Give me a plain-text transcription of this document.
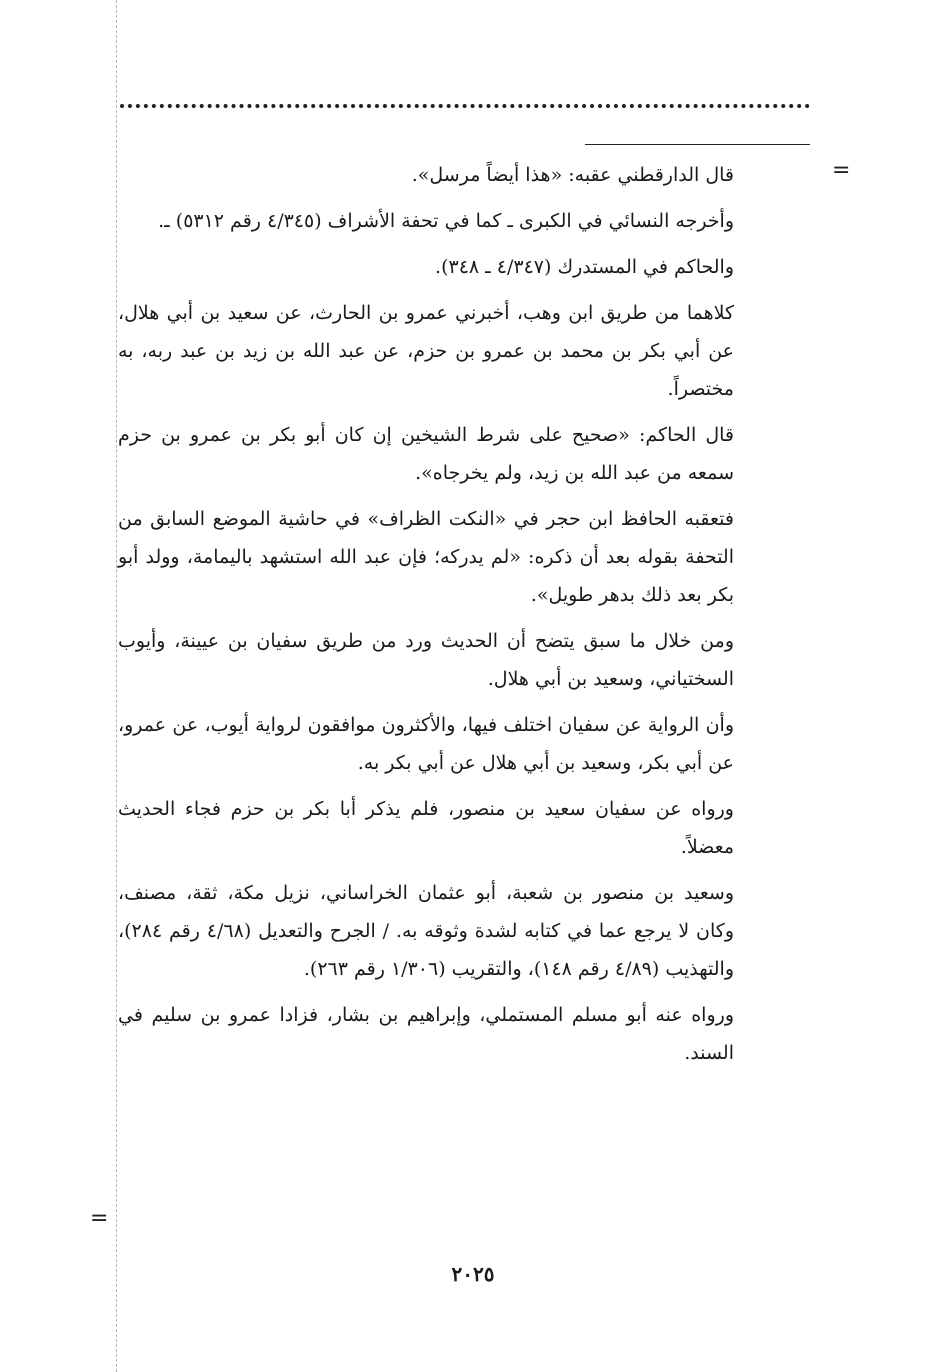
=
=

قال الدارقطني عقبه: «هذا أيضاً مرسل».

وأخرجه النسائي في الكبرى ـ كما في تحفة الأشراف (٤/٣٤٥ رقم ٥٣١٢) ـ.

والحاكم في المستدرك (٤/٣٤٧ ـ ٣٤٨).

كلاهما من طريق ابن وهب، أخبرني عمرو بن الحارث، عن سعيد بن أبي هلال، عن أبي بكر بن محمد بن عمرو بن حزم، عن عبد الله بن زيد بن عبد ربه، به مختصراً.

قال الحاكم: «صحيح على شرط الشيخين إن كان أبو بكر بن عمرو بن حزم سمعه من عبد الله بن زيد، ولم يخرجاه».

فتعقبه الحافظ ابن حجر في «النكت الظراف» في حاشية الموضع السابق من التحفة بقوله بعد أن ذكره: «لم يدركه؛ فإن عبد الله استشهد باليمامة، وولد أبو بكر بعد ذلك بدهر طويل».

ومن خلال ما سبق يتضح أن الحديث ورد من طريق سفيان بن عيينة، وأيوب السختياني، وسعيد بن أبي هلال.

وأن الرواية عن سفيان اختلف فيها، والأكثرون موافقون لرواية أيوب، عن عمرو، عن أبي بكر، وسعيد بن أبي هلال عن أبي بكر به.

ورواه عن سفيان سعيد بن منصور، فلم يذكر أبا بكر بن حزم فجاء الحديث معضلاً.

وسعيد بن منصور بن شعبة، أبو عثمان الخراساني، نزيل مكة، ثقة، مصنف، وكان لا يرجع عما في كتابه لشدة وثوقه به. / الجرح والتعديل (٤/٦٨ رقم ٢٨٤)، والتهذيب (٤/٨٩ رقم ١٤٨)، والتقريب (١/٣٠٦ رقم ٢٦٣).

ورواه عنه أبو مسلم المستملي، وإبراهيم بن بشار، فزادا عمرو بن سليم في السند.

٢٠٢٥
